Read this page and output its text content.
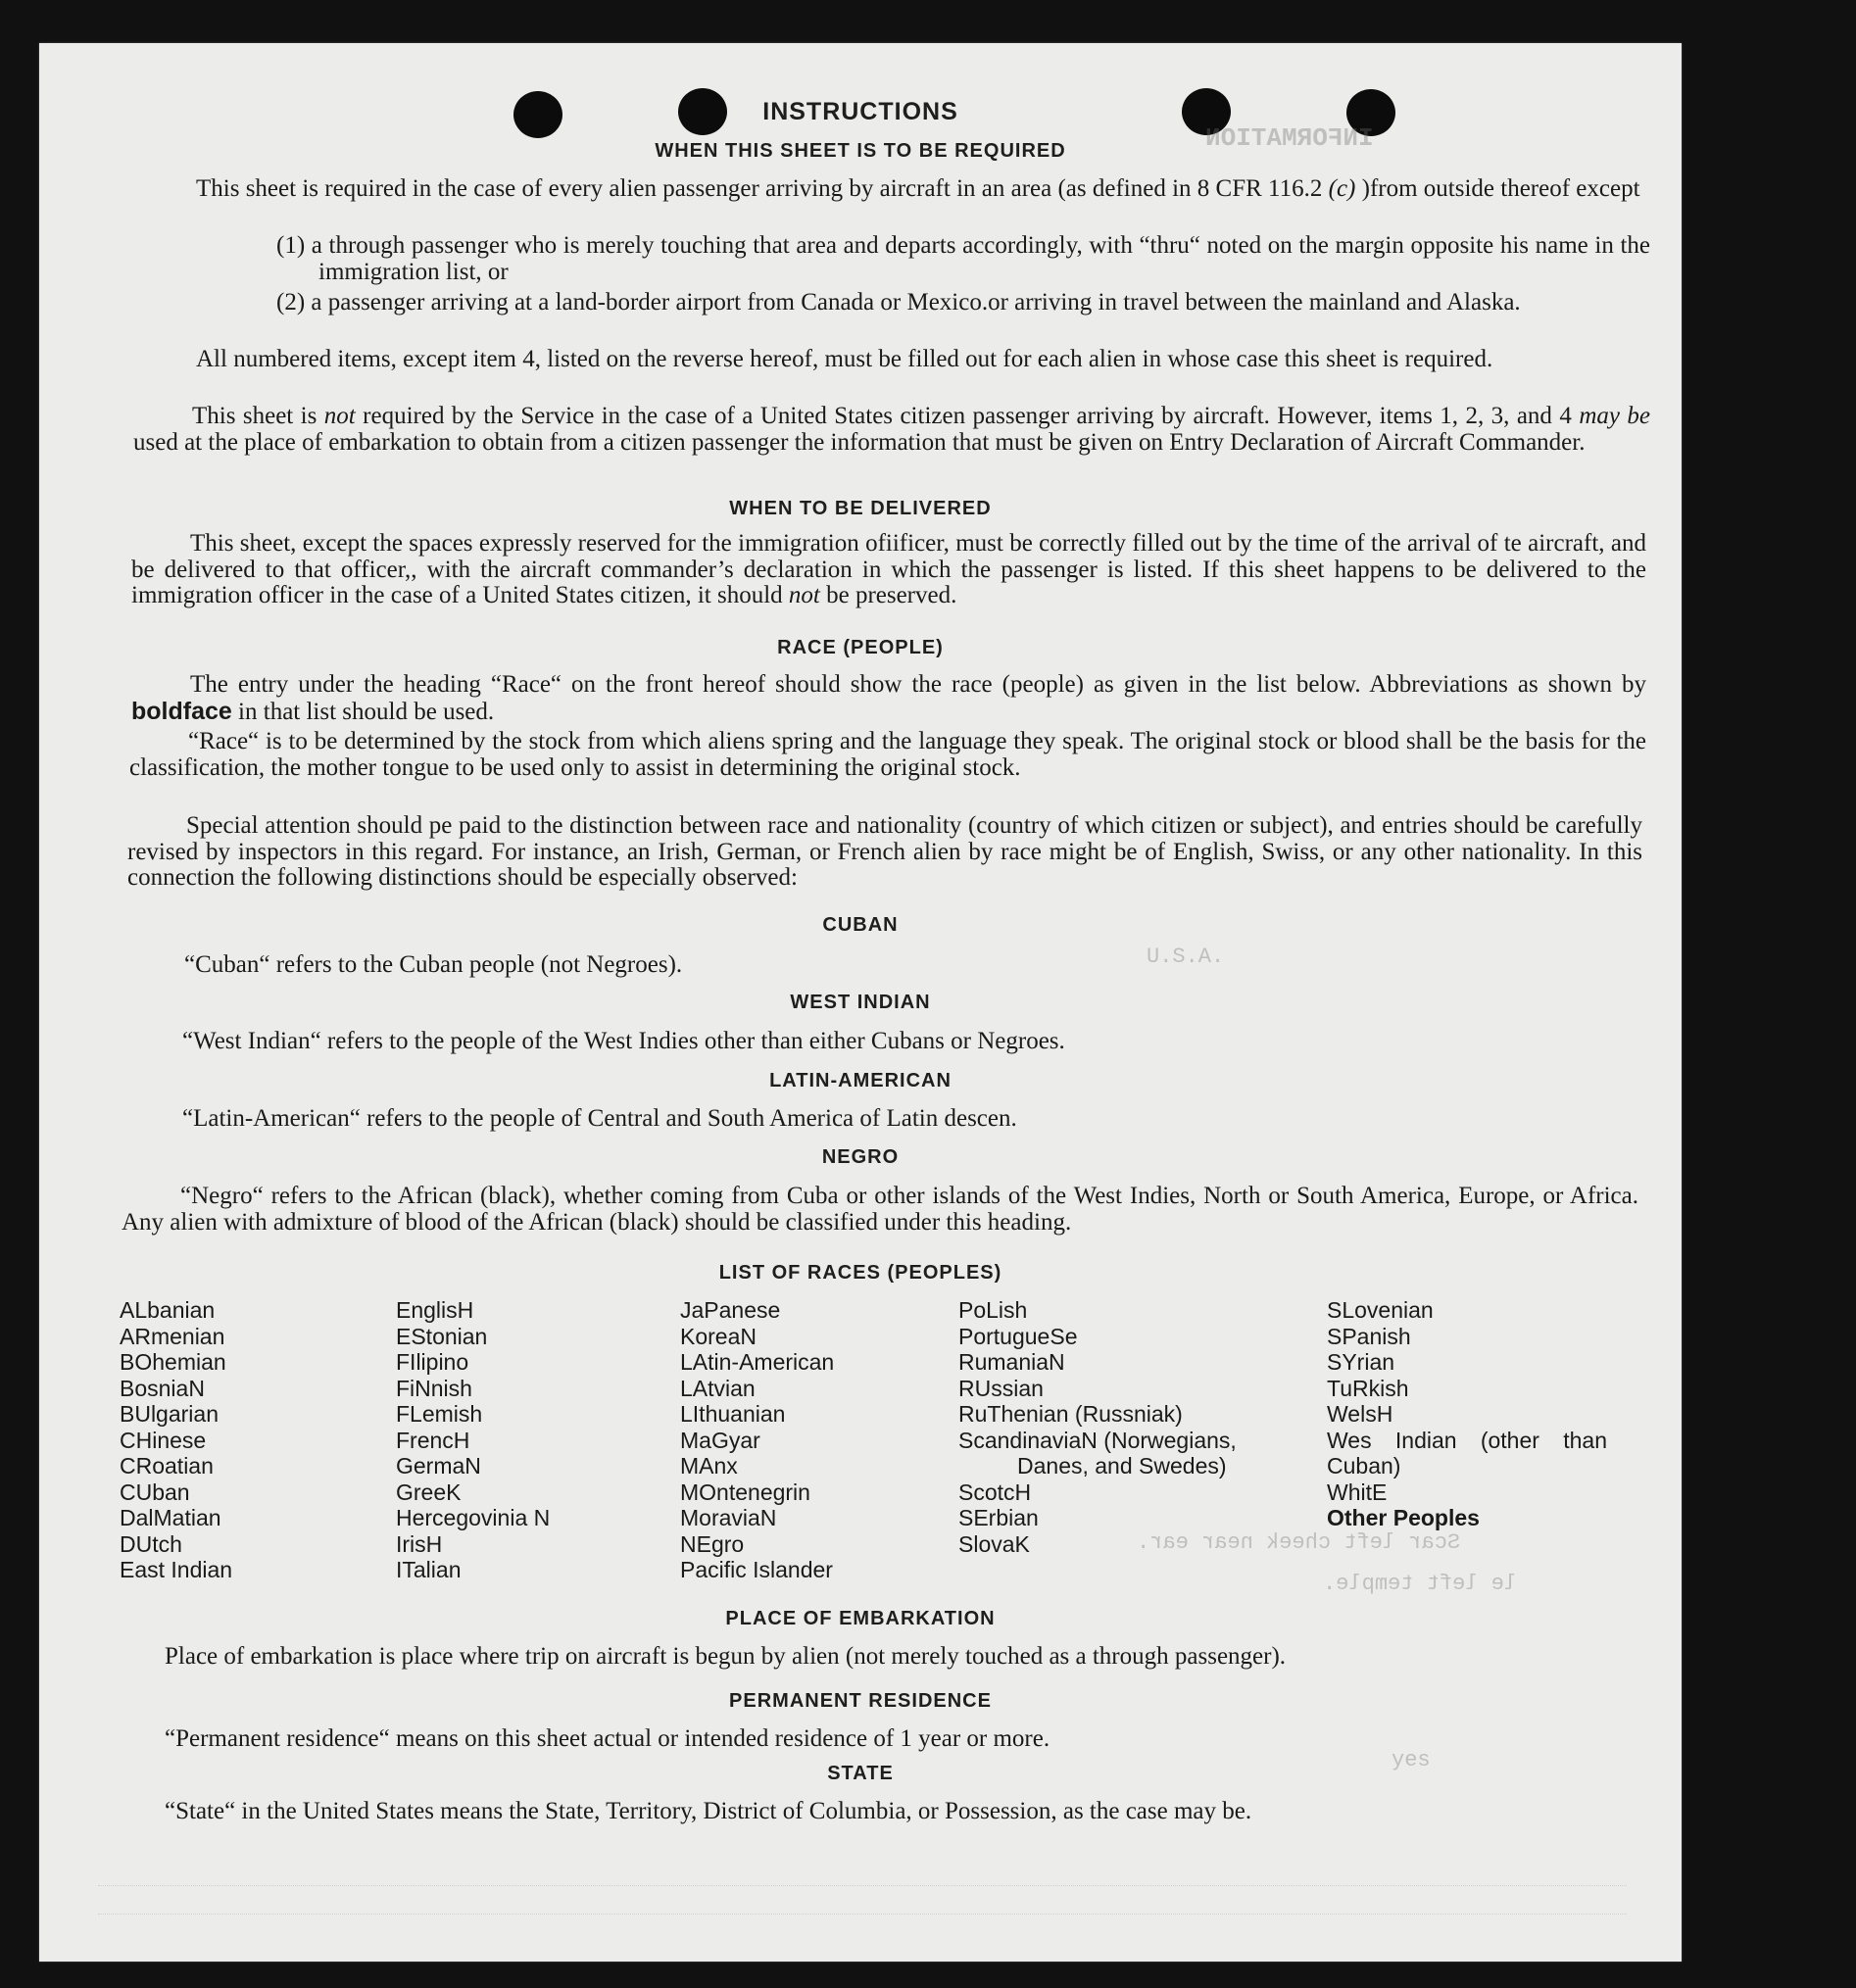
INFORMATION
Scar left cheek near ear.
le left temple.
yes
U.S.A.
INSTRUCTIONS
WHEN THIS SHEET IS TO BE REQUIRED
This sheet is required in the case of every alien passenger arriving by aircraft in an area (as defined in 8 CFR 116.2 (c) )from outside thereof except
(1) a through passenger who is merely touching that area and departs accordingly, with “thru“ noted on the margin opposite his name in the immigration list, or
(2) a passenger arriving at a land-border airport from Canada or Mexico.or arriving in travel between the mainland and Alaska.
All numbered items, except item 4, listed on the reverse hereof, must be filled out for each alien in whose case this sheet is required.
This sheet is not required by the Service in the case of a United States citizen passenger arriving by aircraft. However, items 1, 2, 3, and 4 may be used at the place of embarkation to obtain from a citizen passenger the information that must be given on Entry Declaration of Aircraft Commander.
WHEN TO BE DELIVERED
This sheet, except the spaces expressly reserved for the immigration ofiificer, must be correctly filled out by the time of the arrival of te aircraft, and be delivered to that officer,, with the aircraft commander’s declaration in which the passenger is listed. If this sheet happens to be delivered to the immigration officer in the case of a United States citizen, it should not be preserved.
RACE (PEOPLE)
The entry under the heading “Race“ on the front hereof should show the race (people) as given in the list below. Abbreviations as shown by boldface in that list should be used.
“Race“ is to be determined by the stock from which aliens spring and the language they speak. The original stock or blood shall be the basis for the classification, the mother tongue to be used only to assist in determining the original stock.
Special attention should pe paid to the distinction between race and nationality (country of which citizen or subject), and entries should be carefully revised by inspectors in this regard. For instance, an Irish, German, or French alien by race might be of English, Swiss, or any other nationality. In this connection the following distinctions should be especially observed:
CUBAN
“Cuban“ refers to the Cuban people (not Negroes).
WEST INDIAN
“West Indian“ refers to the people of the West Indies other than either Cubans or Negroes.
LATIN-AMERICAN
“Latin-American“ refers to the people of Central and South America of Latin descen.
NEGRO
“Negro“ refers to the African (black), whether coming from Cuba or other islands of the West Indies, North or South America, Europe, or Africa. Any alien with admixture of blood of the African (black) should be classified under this heading.
LIST OF RACES (PEOPLES)
ALbanian
ARmenian
BOhemian
BosniaN
BUlgarian
CHinese
CRoatian
CUban
DalMatian
DUtch
East Indian
EnglisH
EStonian
FIlipino
FiNnish
FLemish
FrencH
GermaN
GreeK
Hercegovinia N
IrisH
ITalian
JaPanese
KoreaN
LAtin-American
LAtvian
LIthuanian
MaGyar
MAnx
MOntenegrin
MoraviaN
NEgro
Pacific Islander
PoLish
PortugueSe
RumaniaN
RUssian
RuThenian (Russniak)
ScandinaviaN (Norwegians, Danes, and Swedes)
ScotcH
SErbian
SlovaK
SLovenian
SPanish
SYrian
TuRkish
WelsH
Wes Indian (other than Cuban)
WhitE
Other Peoples
PLACE OF EMBARKATION
Place of embarkation is place where trip on aircraft is begun by alien (not merely touched as a through passenger).
PERMANENT RESIDENCE
“Permanent residence“ means on this sheet actual or intended residence of 1 year or more.
STATE
“State“ in the United States means the State, Territory, District of Columbia, or Possession, as the case may be.
